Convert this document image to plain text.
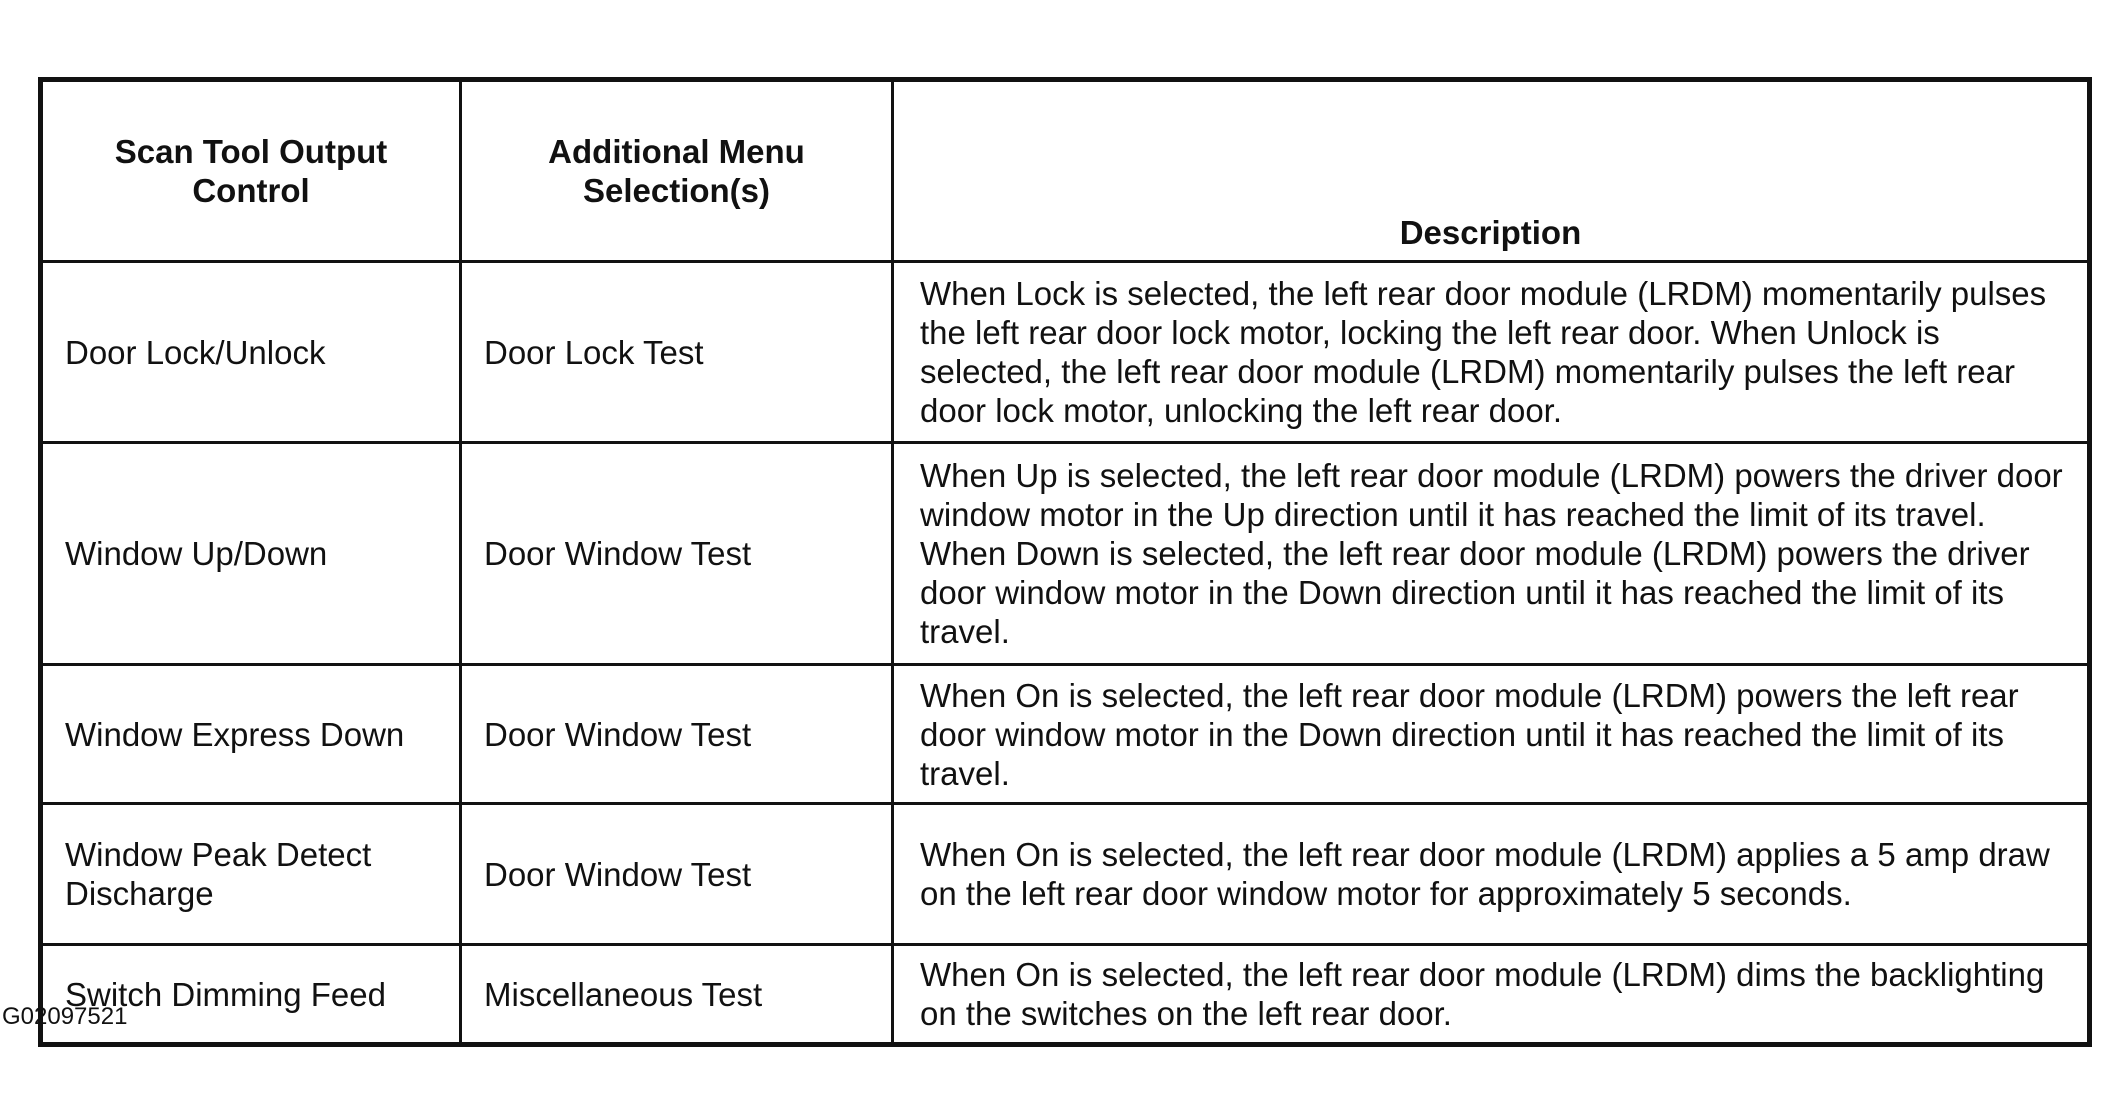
Scan Tool Output Control	Additional Menu Selection(s)	Description
Door Lock/Unlock	Door Lock Test	When Lock is selected, the left rear door module (LRDM) momentarily pulses the left rear door lock motor, locking the left rear door. When Unlock is selected, the left rear door module (LRDM) momentarily pulses the left rear door lock motor, unlocking the left rear door.
Window Up/Down	Door Window Test	When Up is selected, the left rear door module (LRDM) powers the driver door window motor in the Up direction until it has reached the limit of its travel. When Down is selected, the left rear door module (LRDM) powers the driver door window motor in the Down direction until it has reached the limit of its travel.
Window Express Down	Door Window Test	When On is selected, the left rear door module (LRDM) powers the left rear door window motor in the Down direction until it has reached the limit of its travel.
Window Peak Detect Discharge	Door Window Test	When On is selected, the left rear door module (LRDM) applies a 5 amp draw on the left rear door window motor for approximately 5 seconds.
Switch Dimming Feed	Miscellaneous Test	When On is selected, the left rear door module (LRDM) dims the backlighting on the switches on the left rear door.
G02097521
